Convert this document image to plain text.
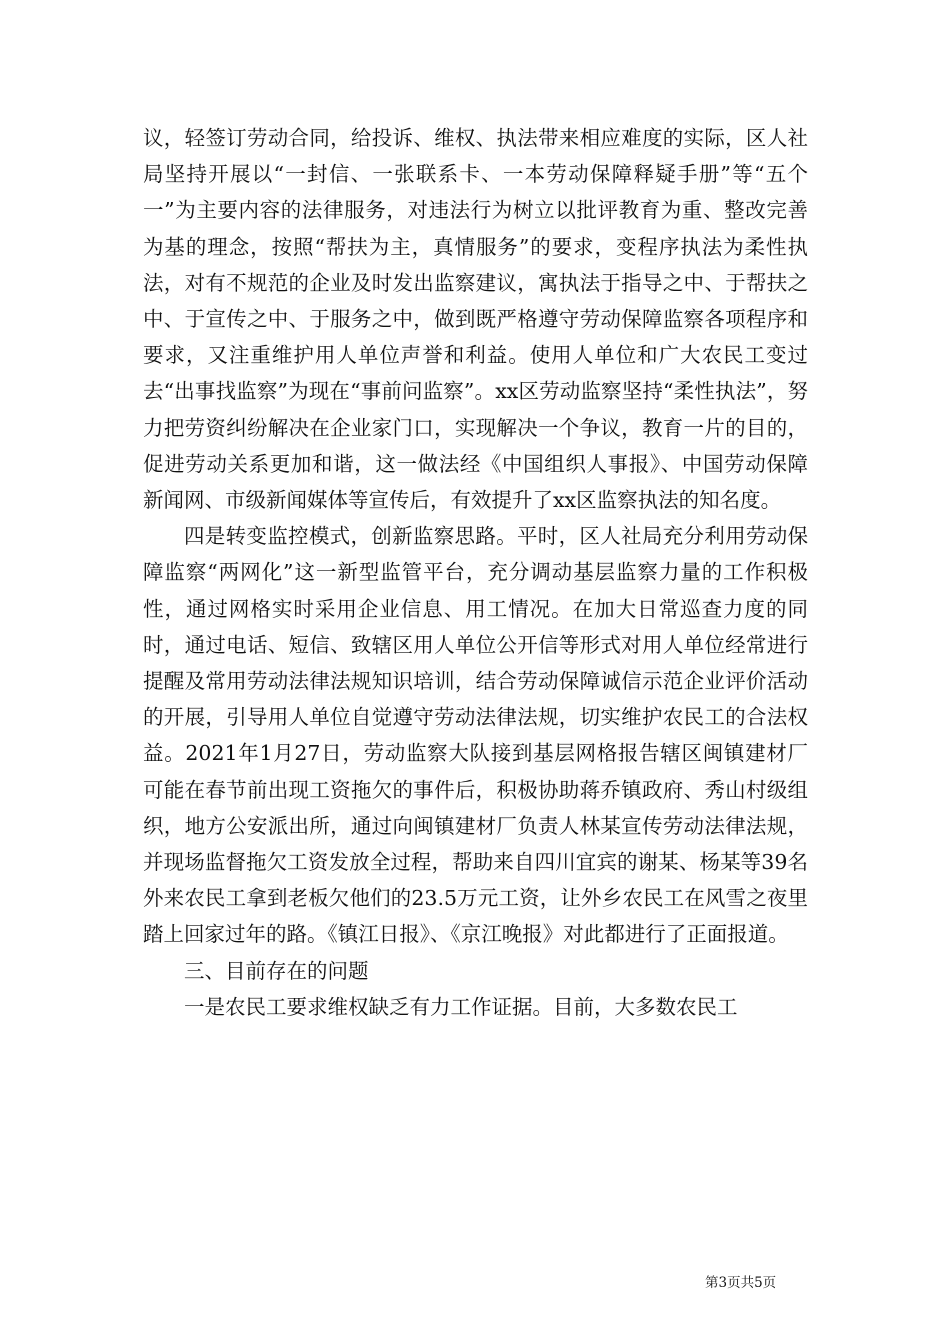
议，轻签订劳动合同，给投诉、维权、执法带来相应难度的实际，区人社局坚持开展以“一封信、一张联系卡、一本劳动保障释疑手册”等“五个一”为主要内容的法律服务，对违法行为树立以批评教育为重、整改完善为基的理念，按照“帮扶为主，真情服务”的要求，变程序执法为柔性执法，对有不规范的企业及时发出监察建议，寓执法于指导之中、于帮扶之中、于宣传之中、于服务之中，做到既严格遵守劳动保障监察各项程序和要求，又注重维护用人单位声誉和利益。使用人单位和广大农民工变过去“出事找监察”为现在“事前问监察”。xx区劳动监察坚持“柔性执法”，努力把劳资纠纷解决在企业家门口，实现解决一个争议，教育一片的目的，促进劳动关系更加和谐，这一做法经《中国组织人事报》、中国劳动保障新闻网、市级新闻媒体等宣传后，有效提升了xx区监察执法的知名度。

四是转变监控模式，创新监察思路。平时，区人社局充分利用劳动保障监察“两网化”这一新型监管平台，充分调动基层监察力量的工作积极性，通过网格实时采用企业信息、用工情况。在加大日常巡查力度的同时，通过电话、短信、致辖区用人单位公开信等形式对用人单位经常进行提醒及常用劳动法律法规知识培训，结合劳动保障诚信示范企业评价活动的开展，引导用人单位自觉遵守劳动法律法规，切实维护农民工的合法权益。2021年1月27日，劳动监察大队接到基层网格报告辖区闽镇建材厂可能在春节前出现工资拖欠的事件后，积极协助蒋乔镇政府、秀山村级组织，地方公安派出所，通过向闽镇建材厂负责人林某宣传劳动法律法规，并现场监督拖欠工资发放全过程，帮助来自四川宜宾的谢某、杨某等39名外来农民工拿到老板欠他们的23.5万元工资，让外乡农民工在风雪之夜里踏上回家过年的路。《镇江日报》、《京江晚报》对此都进行了正面报道。

三、目前存在的问题

一是农民工要求维权缺乏有力工作证据。目前，大多数农民工

第3页共5页
